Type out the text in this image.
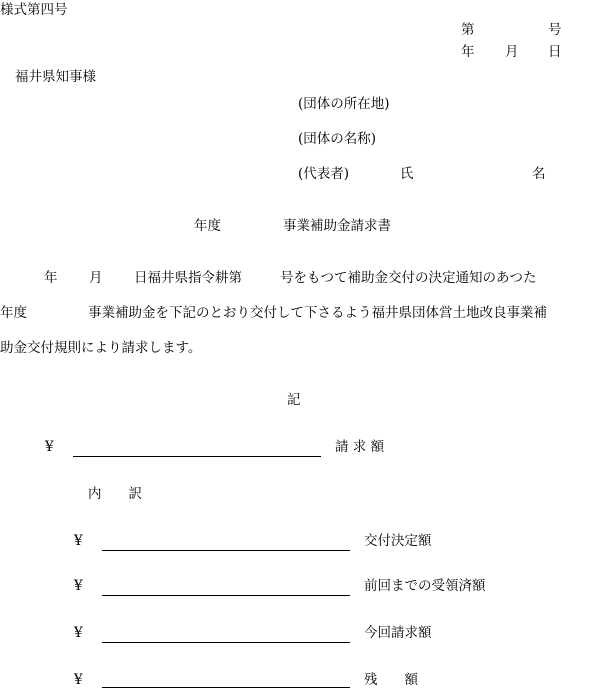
様式第四号
第	号
年 月 日
福井県知事様
(団体の所在地)
(団体の名称)
(代表者)	氏	名
年度	事業補助金請求書
年 月 日福井県指令耕第	号をもつて補助金交付の決定通知のあつた
年度	事業補助金を下記のとおり交付して下さるよう福井県団体営土地改良事業補
助金交付規則により請求します。
記
¥	請 求 額
内　　訳
¥	交付決定額
¥	前回までの受領済額
¥	今回請求額
¥	残　　額
